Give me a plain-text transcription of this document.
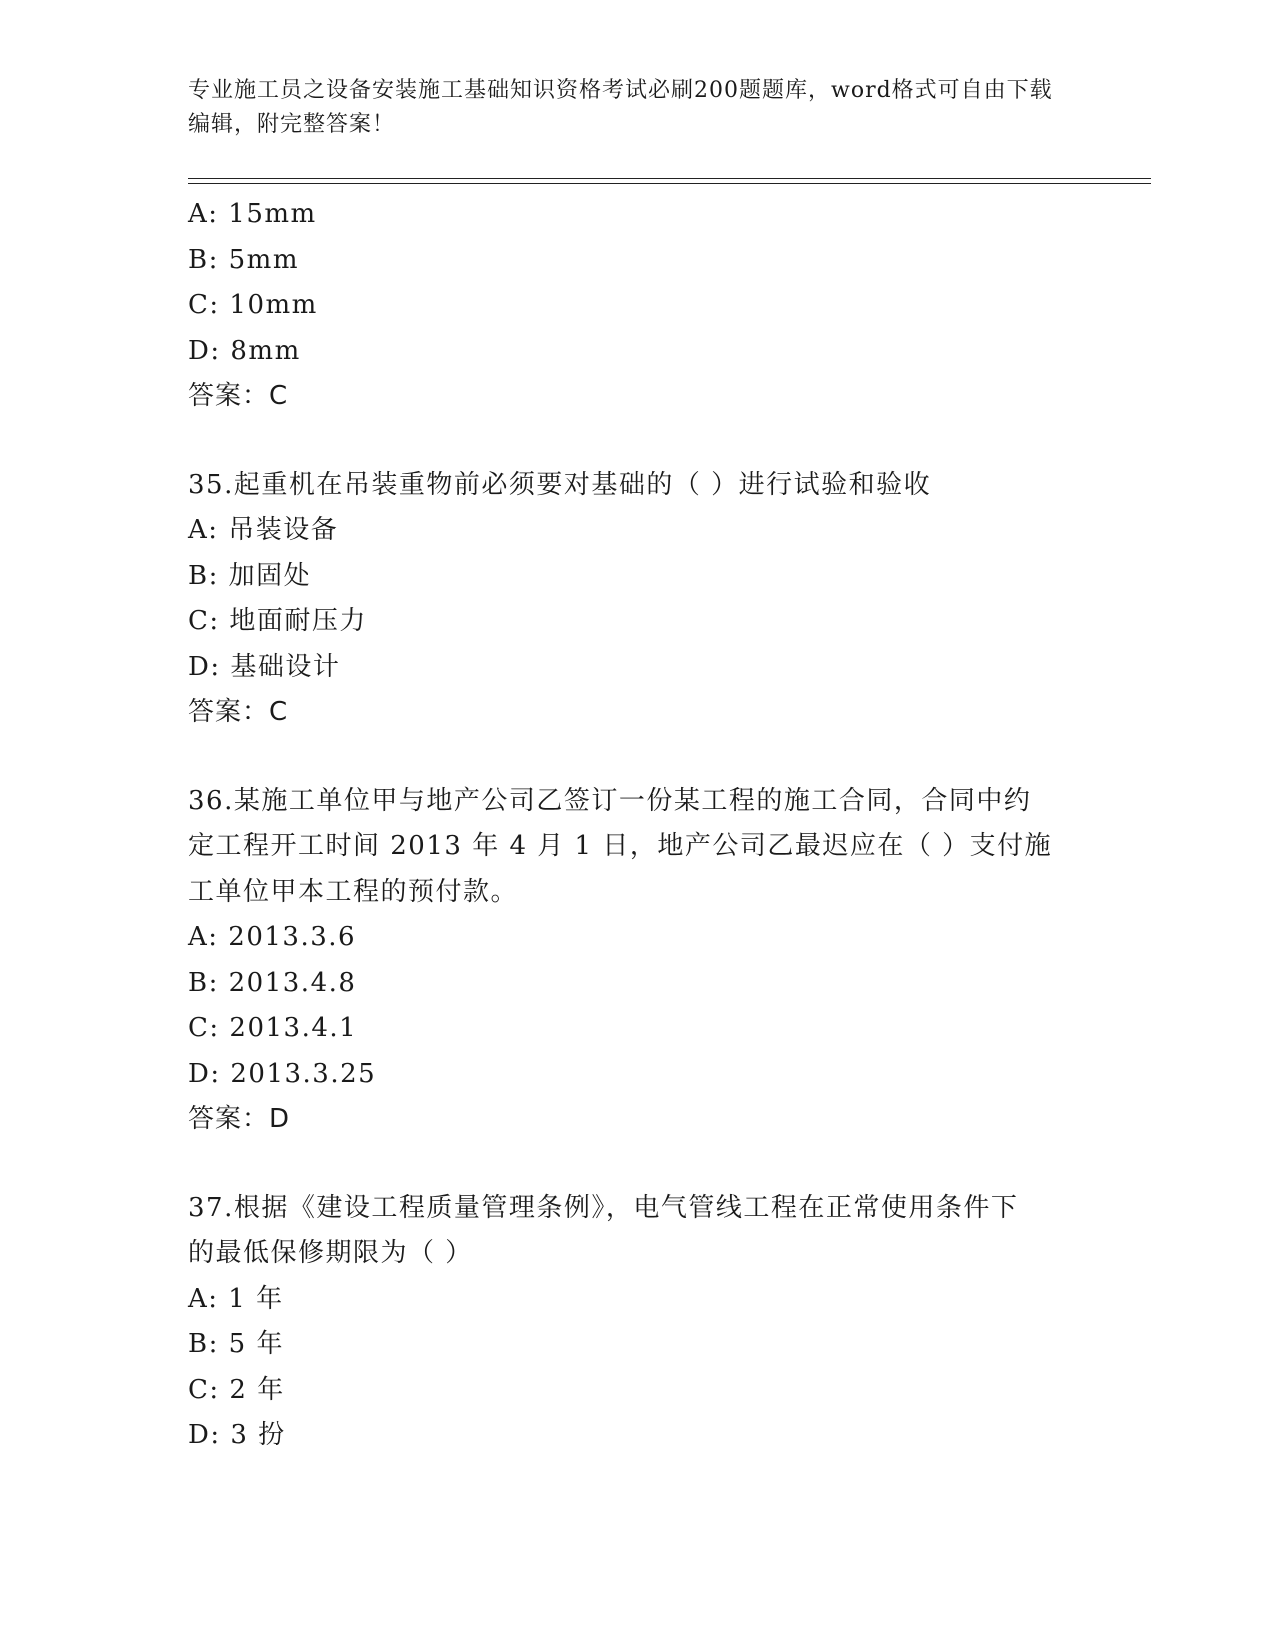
专业施工员之设备安装施工基础知识资格考试必刷200题题库，word格式可自由下载编辑，附完整答案！
A: 15mm
B: 5mm
C: 10mm
D: 8mm
答案：C
35.起重机在吊装重物前必须要对基础的（ ）进行试验和验收
A: 吊装设备
B: 加固处
C: 地面耐压力
D: 基础设计
答案：C
36.某施工单位甲与地产公司乙签订一份某工程的施工合同，合同中约
定工程开工时间 2013 年 4 月 1 日，地产公司乙最迟应在（ ）支付施
工单位甲本工程的预付款。
A: 2013.3.6
B: 2013.4.8
C: 2013.4.1
D: 2013.3.25
答案：D
37.根据《建设工程质量管理条例》，电气管线工程在正常使用条件下
的最低保修期限为（ ）
A: 1 年
B: 5 年
C: 2 年
D: 3 扮
